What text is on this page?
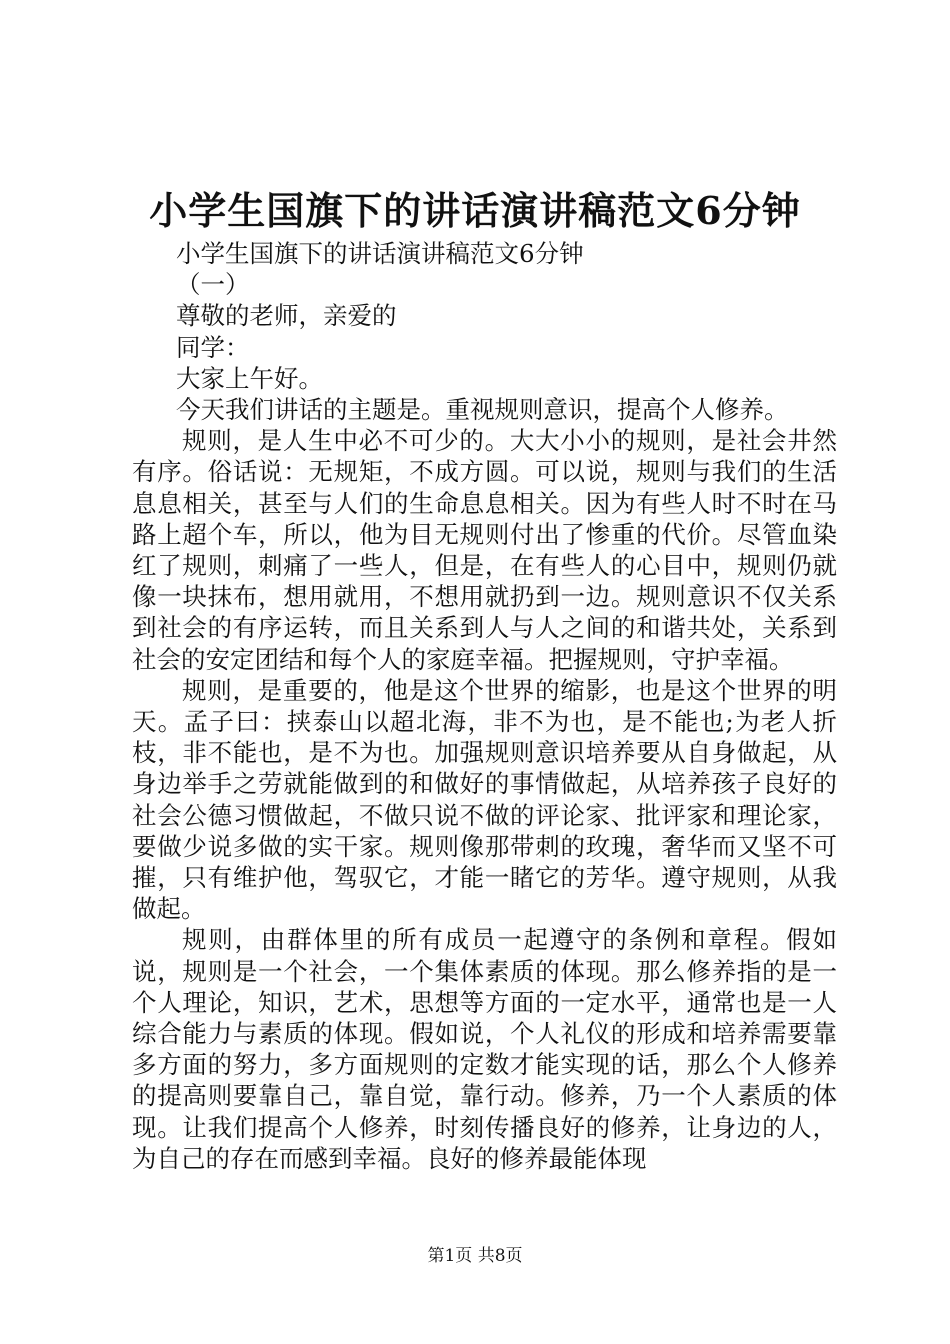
小学生国旗下的讲话演讲稿范文6分钟

小学生国旗下的讲话演讲稿范文6分钟

（一）

尊敬的老师，亲爱的

同学：

大家上午好。

今天我们讲话的主题是。重视规则意识，提高个人修养。

规则，是人生中必不可少的。大大小小的规则，是社会井然有序。俗话说：无规矩，不成方圆。可以说，规则与我们的生活息息相关，甚至与人们的生命息息相关。因为有些人时不时在马路上超个车，所以，他为目无规则付出了惨重的代价。尽管血染红了规则，刺痛了一些人，但是，在有些人的心目中，规则仍就像一块抹布，想用就用，不想用就扔到一边。规则意识不仅关系到社会的有序运转，而且关系到人与人之间的和谐共处，关系到社会的安定团结和每个人的家庭幸福。把握规则，守护幸福。

规则，是重要的，他是这个世界的缩影，也是这个世界的明天。孟子曰：挟泰山以超北海，非不为也，是不能也;为老人折枝，非不能也，是不为也。加强规则意识培养要从自身做起，从身边举手之劳就能做到的和做好的事情做起，从培养孩子良好的社会公德习惯做起，不做只说不做的评论家、批评家和理论家，要做少说多做的实干家。规则像那带刺的玫瑰，奢华而又坚不可摧，只有维护他，驾驭它，才能一睹它的芳华。遵守规则，从我做起。

规则，由群体里的所有成员一起遵守的条例和章程。假如说，规则是一个社会，一个集体素质的体现。那么修养指的是一个人理论，知识，艺术，思想等方面的一定水平，通常也是一人综合能力与素质的体现。假如说，个人礼仪的形成和培养需要靠多方面的努力，多方面规则的定数才能实现的话，那么个人修养的提高则要靠自己，靠自觉，靠行动。修养，乃一个人素质的体现。让我们提高个人修养，时刻传播良好的修养，让身边的人，为自己的存在而感到幸福。良好的修养最能体现

第1页 共8页
